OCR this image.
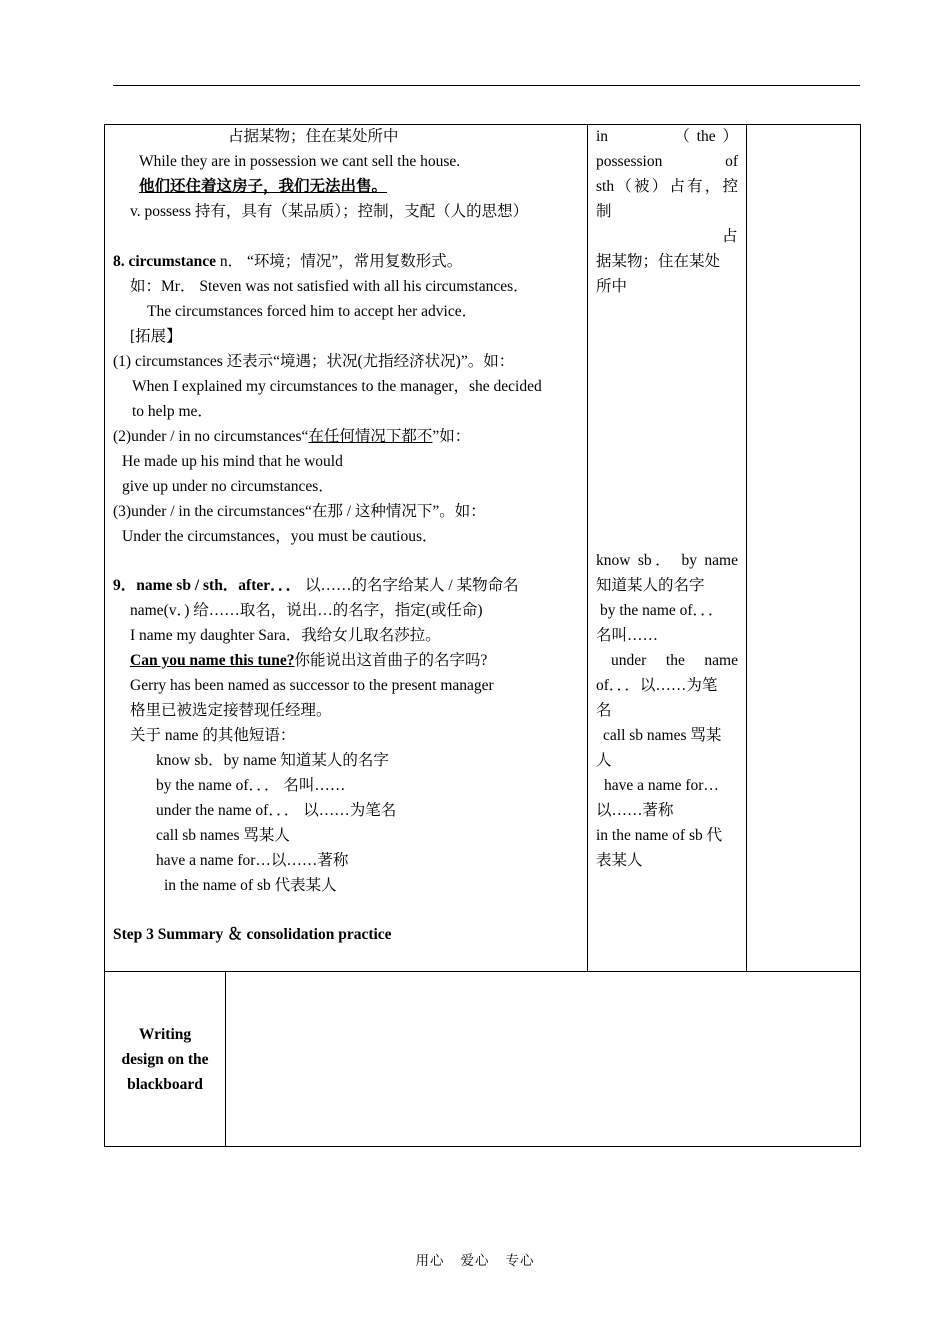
占据某物；住在某处所中
While they are in possession we cant sell the house.
他们还住着这房子，我们无法出售。
v. possess 持有，具有（某品质）；控制，支配（人的思想）
8. circumstance n． “环境；情况”，常用复数形式。
如：Mr． Steven was not satisfied with all his circumstances．
The circumstances forced him to accept her advice．
[拓展】
(1) circumstances 还表示“境遇；状况(尤指经济状况)”。如：
When I explained my circumstances to the manager，she decided
to help me．
(2)under / in no circumstances“在任何情况下都不”如：
He made up his mind that he would
give up under no circumstances．
(3)under / in the circumstances“在那 / 这种情况下”。如：
Under the circumstances，you must be cautious．
9．name sb / sth．after．．． 以……的名字给某人 / 某物命名
name(v．) 给……取名，说出…的名字，指定(或任命)
I name my daughter Sara．我给女儿取名莎拉。
Can you name this tune?你能说出这首曲子的名字吗?
Gerry has been named as successor to the present manager
格里已被选定接替现任经理。
关于 name 的其他短语：
know sb．by name 知道某人的名字
by the name of．．． 名叫……
under the name of．．． 以……为笔名
call sb names 骂某人
have a name for…以……著称
in the name of sb 代表某人
Step 3 Summary ＆ consolidation practice
in　　　（the）
possession　　 of
sth（被）占有，控
制
占
据某物；住在某处
所中
know sb． by name
知道某人的名字
by the name of．．．
名叫……
under　the　name
of．．．以……为笔
名
call sb names 骂某
人
have a name for…
以……著称
in the name of sb 代
表某人
Writing
design on the
blackboard
用心 爱心 专心
